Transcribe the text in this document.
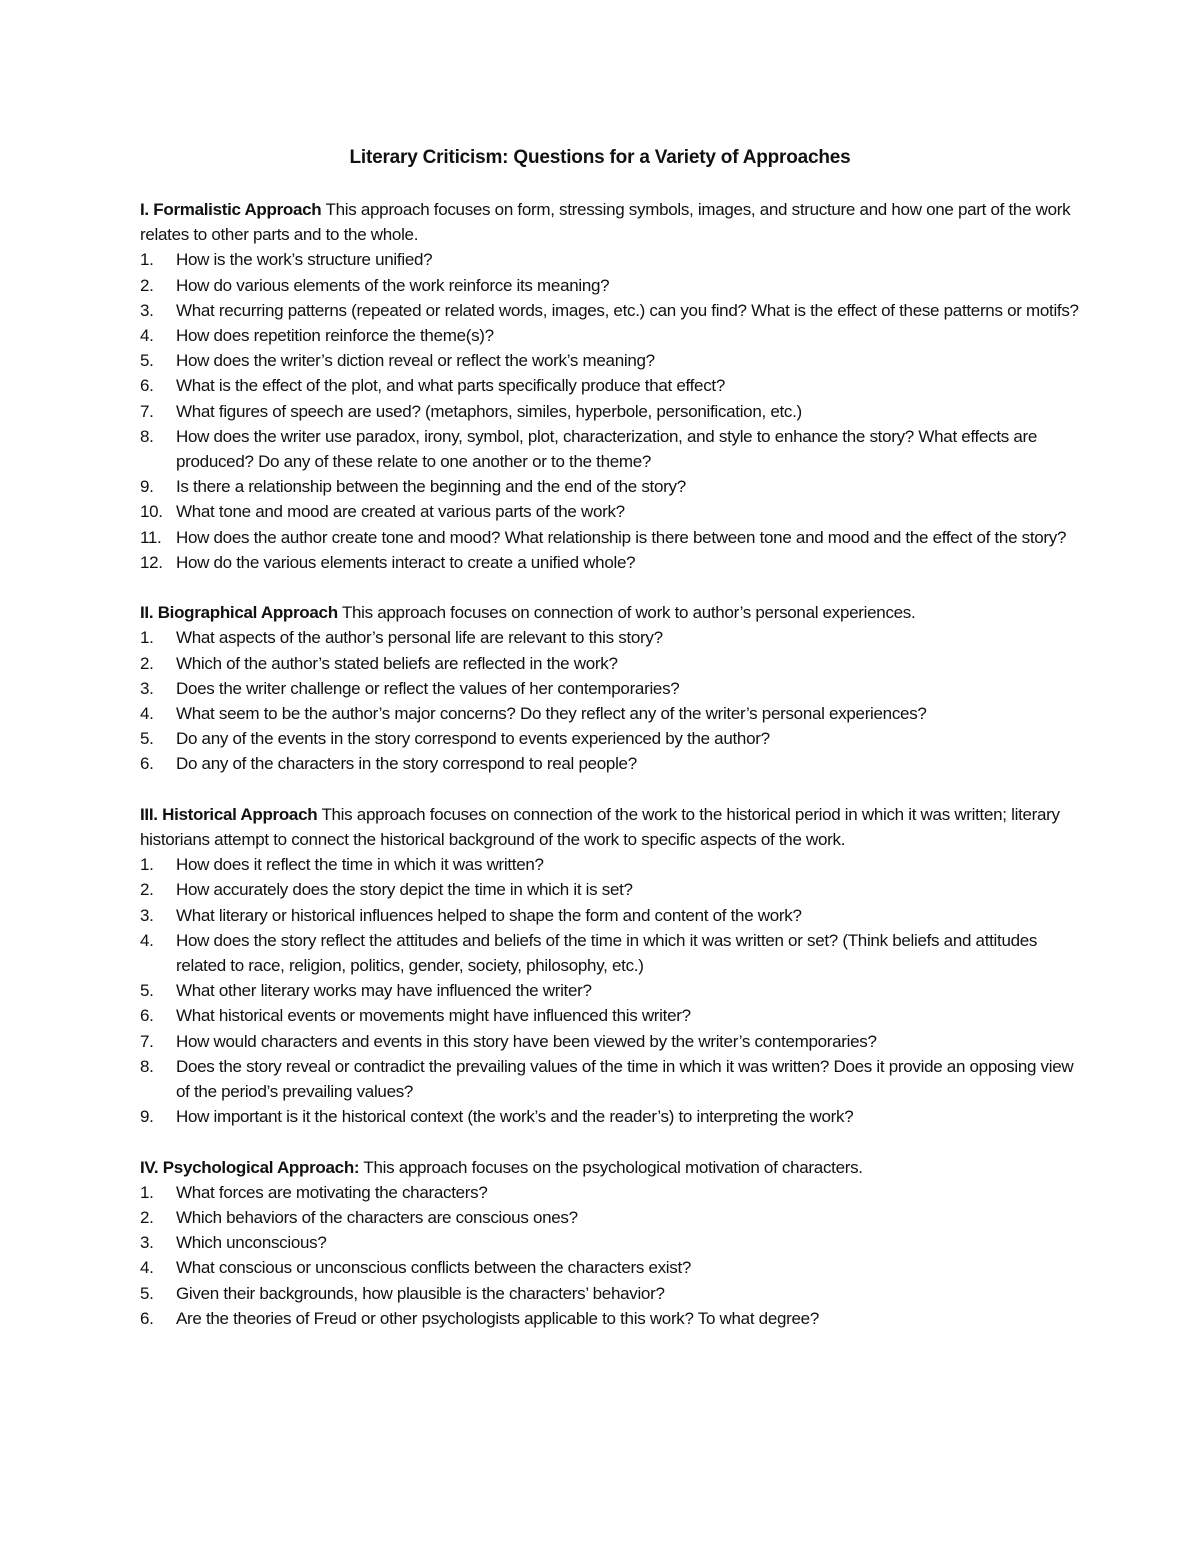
Literary Criticism: Questions for a Variety of Approaches

I. Formalistic Approach This approach focuses on form, stressing symbols, images, and structure and how one part of the work relates to other parts and to the whole.

1.	How is the work’s structure unified?
2.	How do various elements of the work reinforce its meaning?
3.	What recurring patterns (repeated or related words, images, etc.) can you find? What is the effect of these patterns or motifs?
4.	How does repetition reinforce the theme(s)?
5.	How does the writer’s diction reveal or reflect the work’s meaning?
6.	What is the effect of the plot, and what parts specifically produce that effect?
7.	What figures of speech are used? (metaphors, similes, hyperbole, personification, etc.)
8.	How does the writer use paradox, irony, symbol, plot, characterization, and style to enhance the story? What effects are produced? Do any of these relate to one another or to the theme?
9.	Is there a relationship between the beginning and the end of the story?
10. What tone and mood are created at various parts of the work?
11. How does the author create tone and mood? What relationship is there between tone and mood and the effect of the story?
12. How do the various elements interact to create a unified whole?

II. Biographical Approach This approach focuses on connection of work to author’s personal experiences.

1.	What aspects of the author’s personal life are relevant to this story?
2.	Which of the author’s stated beliefs are reflected in the work?
3.	Does the writer challenge or reflect the values of her contemporaries?
4.	What seem to be the author’s major concerns? Do they reflect any of the writer’s personal experiences?
5.	Do any of the events in the story correspond to events experienced by the author?
6.	Do any of the characters in the story correspond to real people?

III. Historical Approach This approach focuses on connection of the work to the historical period in which it was written; literary historians attempt to connect the historical background of the work to specific aspects of the work.

1.	How does it reflect the time in which it was written?
2.	How accurately does the story depict the time in which it is set?
3.	What literary or historical influences helped to shape the form and content of the work?
4.	How does the story reflect the attitudes and beliefs of the time in which it was written or set? (Think beliefs and attitudes related to race, religion, politics, gender, society, philosophy, etc.)
5.	What other literary works may have influenced the writer?
6.	What historical events or movements might have influenced this writer?
7.	How would characters and events in this story have been viewed by the writer’s contemporaries?
8.	Does the story reveal or contradict the prevailing values of the time in which it was written? Does it provide an opposing view of the period’s prevailing values?
9.	How important is it the historical context (the work’s and the reader’s) to interpreting the work?

IV. Psychological Approach: This approach focuses on the psychological motivation of characters.

1.	What forces are motivating the characters?
2.	Which behaviors of the characters are conscious ones?
3.	Which unconscious?
4.	What conscious or unconscious conflicts between the characters exist?
5.	Given their backgrounds, how plausible is the characters’ behavior?
6.	Are the theories of Freud or other psychologists applicable to this work? To what degree?
